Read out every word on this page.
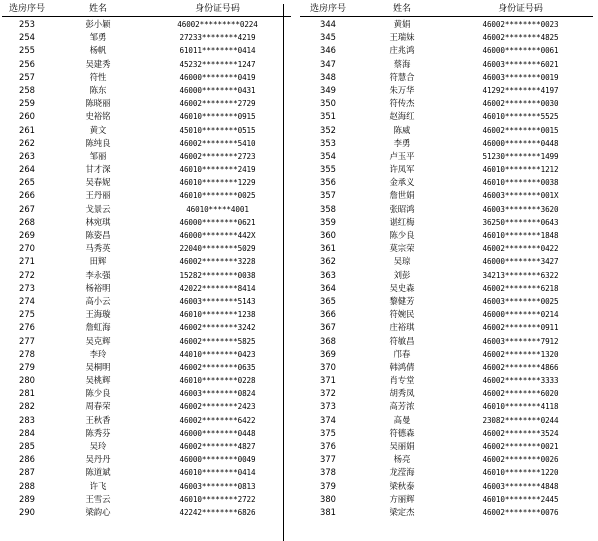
选房序号	姓名	身份证号码
253	彭小颖	46002*********0224
254	邹勇	27233********4219
255	杨帆	61011********0414
256	吴建秀	45232********1247
257	符性	46000********0419
258	陈东	46000********0431
259	陈晓丽	46002********2729
260	史裕铭	46010********0915
261	黄文	45010********0515
262	陈纯良	46002********5410
263	邹丽	46002********2723
264	甘才深	46010********2419
265	吴春妮	46010********1229
266	王丹丽	46010********0025
267	戈景云	46010*****4001
268	林宛琪	46000********0621
269	陈姿昌	46000********442X
270	马秀英	22040********5029
271	田辉	46002********3228
272	李永强	15282********0038
273	杨裕明	42022********8414
274	高小云	46003********5143
275	王海璇	46010********1238
276	詹虹海	46002********3242
277	吴克辉	46002********5825
278	李玲	44010********0423
279	吴桐明	46002********0635
280	吴桃辉	46010********0228
281	陈少良	46003********0824
282	周春荣	46002********2423
283	王秋香	46002********6422
284	陈秀芬	46000********0448
285	吴玲	46002********4827
286	吴丹丹	46000********0049
287	陈道斌	46010********0414
288	许飞	46003********0813
289	王雪云	46010********2722
290	梁韵心	42242********6826
选房序号	姓名	身份证号码
344	黄娟	46002********0023
345	王瑞妹	46002********4825
346	庄兆鸿	46000********0061
347	蔡海	46003********6021
348	符慧合	46003********0019
349	朱万华	41292********4197
350	符传杰	46002********0030
351	赵海红	46010********5525
352	陈威	46002********0015
353	李勇	46000********0448
354	卢玉平	51230********1499
355	许凤军	46010********1212
356	金承义	46010********0038
357	詹世娟	46003********001X
358	张昭鸿	46003********3620
359	谌红梅	36250********0643
360	陈少良	46010********1848
361	莫宗荣	46002********0422
362	吴琼	46000********3427
363	刘彭	34213********6322
364	吴史森	46002********6218
365	黎健芳	46003********0025
366	符婉民	46000********0214
367	庄裕琪	46002********0911
368	符敏昌	46003********7912
369	邝春	46002********1320
370	韩鸿倩	46002********4866
371	肖专堂	46002********3333
372	胡秀凤	46002********6020
373	高芳浓	46010********4118
374	高曼	23082********0244
375	符德森	46002********3524
376	吴丽娟	46002********0021
377	杨亮	46002********0026
378	龙滢海	46010********1220
379	梁秋泰	46003********4848
380	方丽辉	46010********2445
381	梁定杰	46002********0076
